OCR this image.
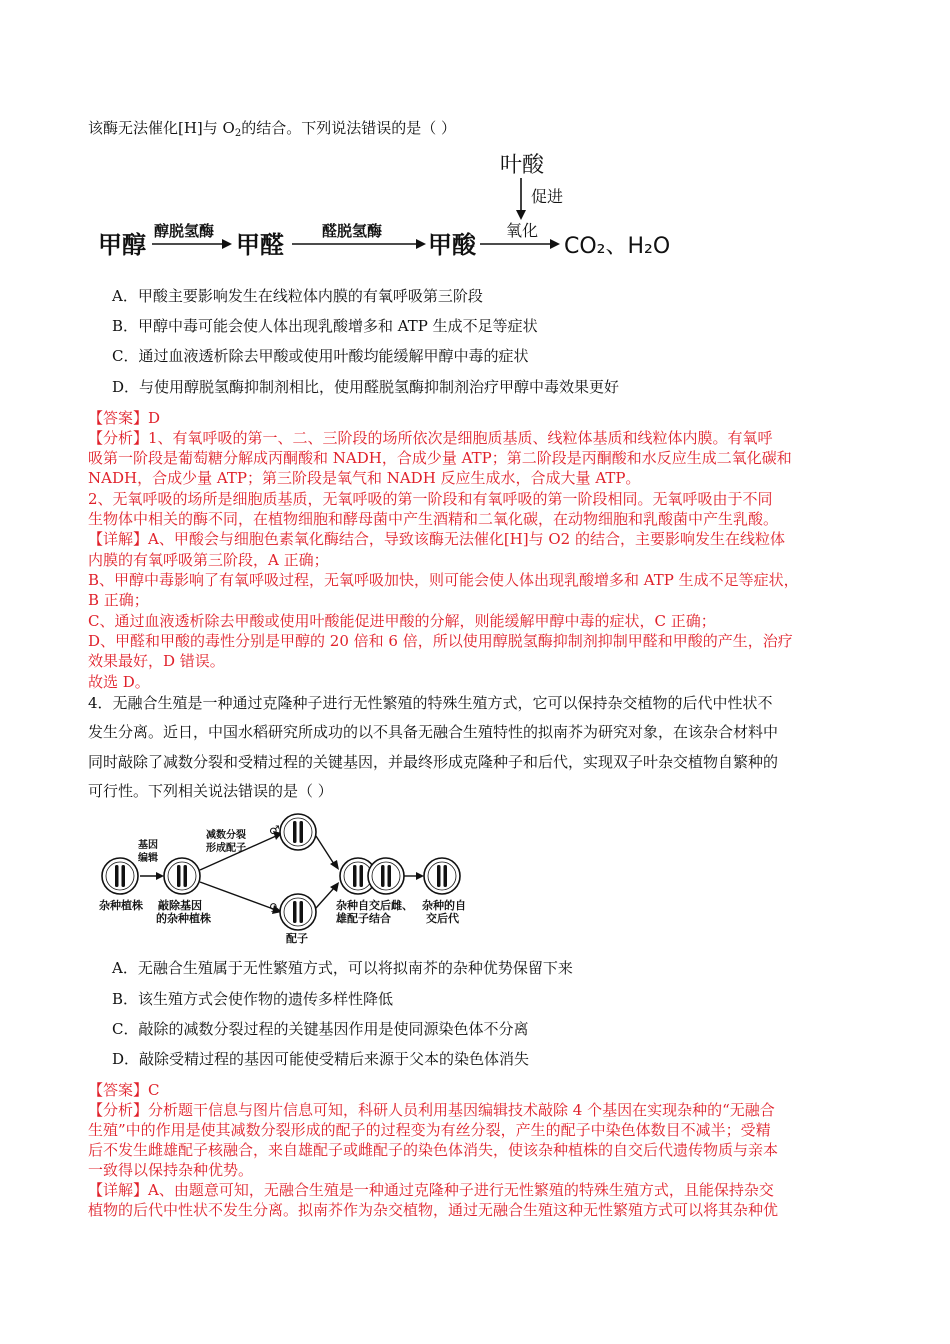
该酶无法催化[H]与 $O_2$的结合。下列说法错误的是（ ）
叶酸
促进
甲醇 醇脱氢酶 甲醛	醛脱氢酶 甲酸
氧化
CO₂、H₂O
A．甲酸主要影响发生在线粒体内膜的有氧呼吸第三阶段
B．甲醇中毒可能会使人体出现乳酸增多和 ATP 生成不足等症状
C．通过血液透析除去甲酸或使用叶酸均能缓解甲醇中毒的症状
D．与使用醇脱氢酶抑制剂相比，使用醛脱氢酶抑制剂治疗甲醇中毒效果更好
【答案】D
【分析】1、有氧呼吸的第一、二、三阶段的场所依次是细胞质基质、线粒体基质和线粒体内膜。有氧呼
吸第一阶段是葡萄糖分解成丙酮酸和 NADH，合成少量 ATP；第二阶段是丙酮酸和水反应生成二氧化碳和
NADH，合成少量 ATP；第三阶段是氧气和 NADH 反应生成水，合成大量 ATP。
2、无氧呼吸的场所是细胞质基质，无氧呼吸的第一阶段和有氧呼吸的第一阶段相同。无氧呼吸由于不同
生物体中相关的酶不同，在植物细胞和酵母菌中产生酒精和二氧化碳，在动物细胞和乳酸菌中产生乳酸。
【详解】A、甲酸会与细胞色素氧化酶结合，导致该酶无法催化[H]与 O2 的结合，主要影响发生在线粒体
内膜的有氧呼吸第三阶段，A 正确；
B、甲醇中毒影响了有氧呼吸过程，无氧呼吸加快，则可能会使人体出现乳酸增多和 ATP 生成不足等症状，
B 正确；
C、通过血液透析除去甲酸或使用叶酸能促进甲酸的分解，则能缓解甲醇中毒的症状，C 正确；
D、甲醛和甲酸的毒性分别是甲醇的 20 倍和 6 倍，所以使用醇脱氢酶抑制剂抑制甲醛和甲酸的产生，治疗
效果最好，D 错误。
故选 D。
4．无融合生殖是一种通过克隆种子进行无性繁殖的特殊生殖方式，它可以保持杂交植物的后代中性状不
发生分离。近日，中国水稻研究所成功的以不具备无融合生殖特性的拟南芥为研究对象，在该杂合材料中
同时敲除了减数分裂和受精过程的关键基因，并最终形成克隆种子和后代，实现双子叶杂交植物自繁种的
可行性。下列相关说法错误的是（ ）
杂种植株
基因
编辑
敲除基因
的杂种植株
减数分裂
形成配子
♂
♀
配子
杂种自交后雌、
雄配子结合
杂种的自
交后代
A．无融合生殖属于无性繁殖方式，可以将拟南芥的杂种优势保留下来
B．该生殖方式会使作物的遗传多样性降低
C．敲除的减数分裂过程的关键基因作用是使同源染色体不分离
D．敲除受精过程的基因可能使受精后来源于父本的染色体消失
【答案】C
【分析】分析题干信息与图片信息可知，科研人员利用基因编辑技术敲除 4 个基因在实现杂种的“无融合
生殖”中的作用是使其减数分裂形成的配子的过程变为有丝分裂，产生的配子中染色体数目不减半；受精
后不发生雌雄配子核融合，来自雄配子或雌配子的染色体消失，使该杂种植株的自交后代遗传物质与亲本
一致得以保持杂种优势。
【详解】A、由题意可知，无融合生殖是一种通过克隆种子进行无性繁殖的特殊生殖方式，且能保持杂交
植物的后代中性状不发生分离。拟南芥作为杂交植物，通过无融合生殖这种无性繁殖方式可以将其杂种优
